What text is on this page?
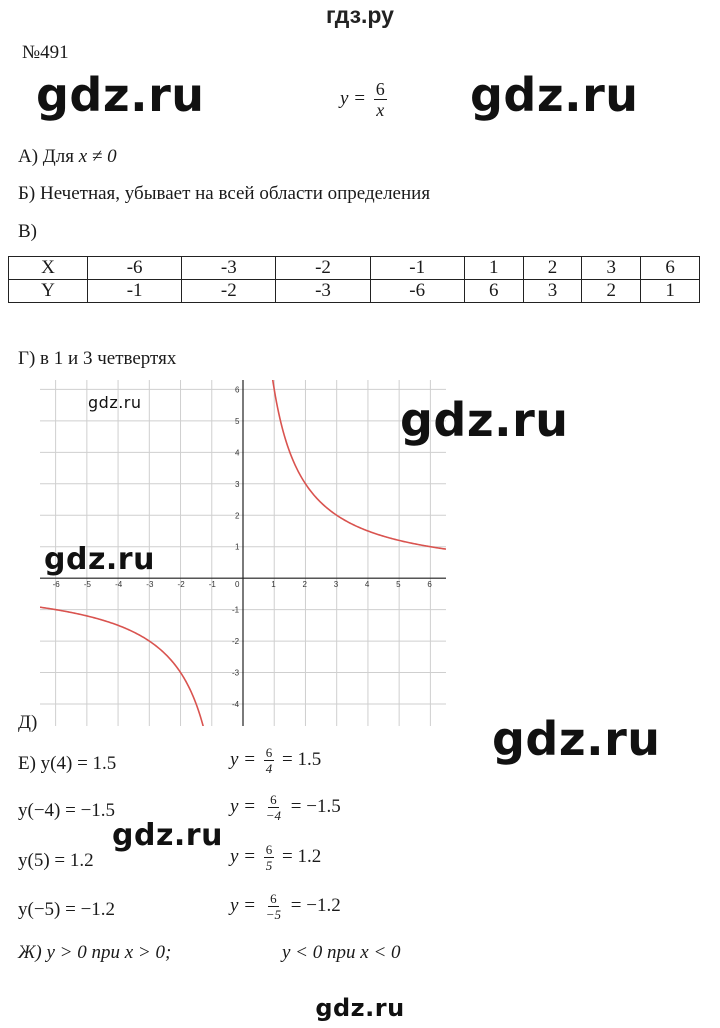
гдз.ру
№491
gdz.ru	gdz.ru
$y = \frac{6}{x}$
А) Для x ≠ 0
Б) Нечетная, убывает на всей области определения
В)
X	-6	-3	-2	-1	1	2	3	6
Y	-1	-2	-3	-6	6	3	2	1
Г) в 1 и 3 четвертях
-6	-5	-4	-3	-2	-1 0	1	2	3	4	5	6
6
5
4
3
2
1
-1
-2
-3
-4
gdz.ru	gdz.ru
gdz.ru
Д)	gdz.ru
Е) y(4) = 1.5	$y = \frac{6}{4} = 1.5$
y(−4) = −1.5	$y = \frac{6}{-4} = -1.5$
gdz.ru
y(5) = 1.2	$y = \frac{6}{5} = 1.2$
y(−5) = −1.2	$y = \frac{6}{-5} = -1.2$
Ж) y > 0 при x > 0;	y < 0 при x < 0
gdz.ru
